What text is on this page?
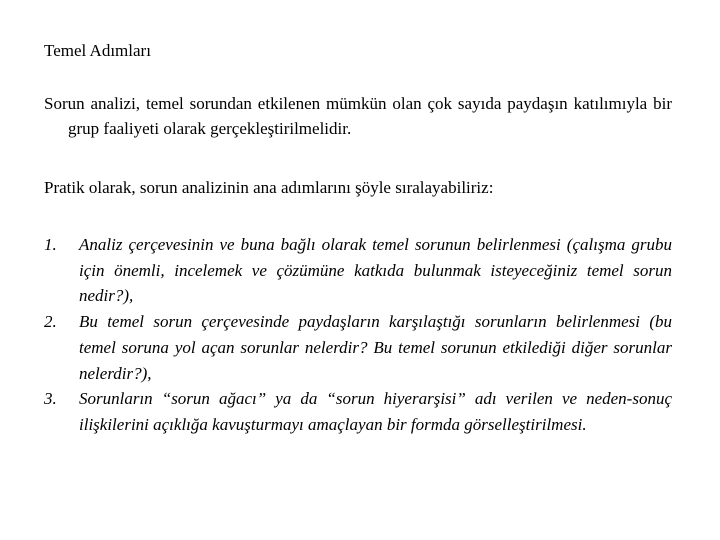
Temel Adımları

Sorun analizi, temel sorundan etkilenen mümkün olan çok sayıda paydaşın katılımıyla bir grup faaliyeti olarak gerçekleştirilmelidir.

Pratik olarak, sorun analizinin ana adımlarını şöyle sıralayabiliriz:

1. Analiz çerçevesinin ve buna bağlı olarak temel sorunun belirlenmesi (çalışma grubu için önemli, incelemek ve çözümüne katkıda bulunmak isteyeceğiniz temel sorun nedir?),
2. Bu temel sorun çerçevesinde paydaşların karşılaştığı sorunların belirlenmesi (bu temel soruna yol açan sorunlar nelerdir? Bu temel sorunun etkilediği diğer sorunlar nelerdir?),
3. Sorunların “sorun ağacı” ya da “sorun hiyerarşisi” adı verilen ve neden-sonuç ilişkilerini açıklığa kavuşturmayı amaçlayan bir formda görselleştirilmesi.
